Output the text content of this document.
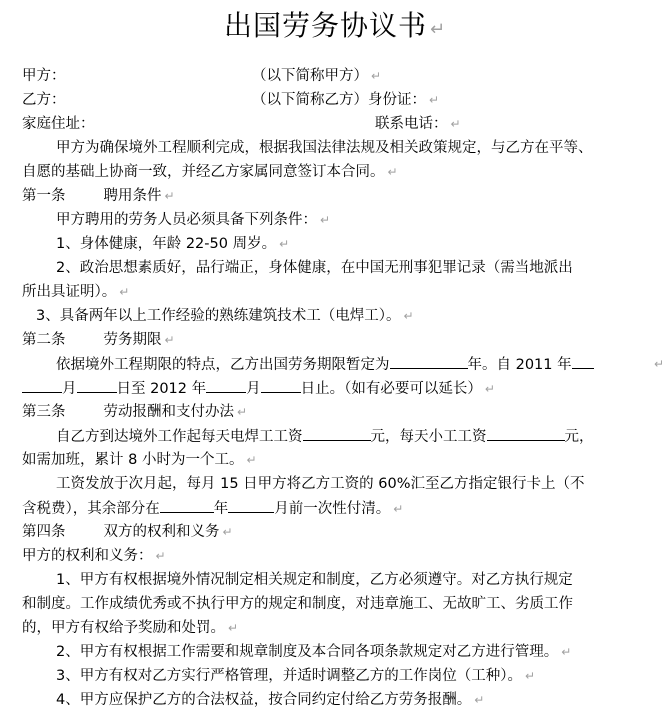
出国劳务协议书 ↵
甲方：	（以下简称甲方） ↵
乙方：	（以下简称乙方）身份证： ↵
家庭住址：	联系电话： ↵
甲方为确保境外工程顺利完成，根据我国法律法规及相关政策规定，与乙方在平等、
自愿的基础上协商一致，并经乙方家属同意签订本合同。 ↵
第一条	聘用条件 ↵
甲方聘用的劳务人员必须具备下列条件： ↵
1、身体健康，年龄 22-50 周岁。 ↵
2、政治思想素质好，品行端正，身体健康，在中国无刑事犯罪记录（需当地派出
所出具证明）。 ↵
3、具备两年以上工作经验的熟练建筑技术工（电焊工）。 ↵
第二条	劳务期限 ↵
依据境外工程期限的特点，乙方出国劳务期限暂定为	年。自 2011 年	↵
月	日至 2012 年	月	日止。（如有必要可以延长） ↵
第三条	劳动报酬和支付办法 ↵
自乙方到达境外工作起每天电焊工工资	元，每天小工工资	元，
如需加班，累计 8 小时为一个工。 ↵
工资发放于次月起，每月 15 日甲方将乙方工资的 60%汇至乙方指定银行卡上（不
含税费），其余部分在	年	月前一次性付清。 ↵
第四条	双方的权利和义务 ↵
甲方的权利和义务： ↵
1、甲方有权根据境外情况制定相关规定和制度，乙方必须遵守。对乙方执行规定
和制度。工作成绩优秀或不执行甲方的规定和制度，对违章施工、无故旷工、劣质工作
的，甲方有权给予奖励和处罚。 ↵
2、甲方有权根据工作需要和规章制度及本合同各项条款规定对乙方进行管理。 ↵
3、甲方有权对乙方实行严格管理，并适时调整乙方的工作岗位（工种）。 ↵
4、甲方应保护乙方的合法权益，按合同约定付给乙方劳务报酬。 ↵
